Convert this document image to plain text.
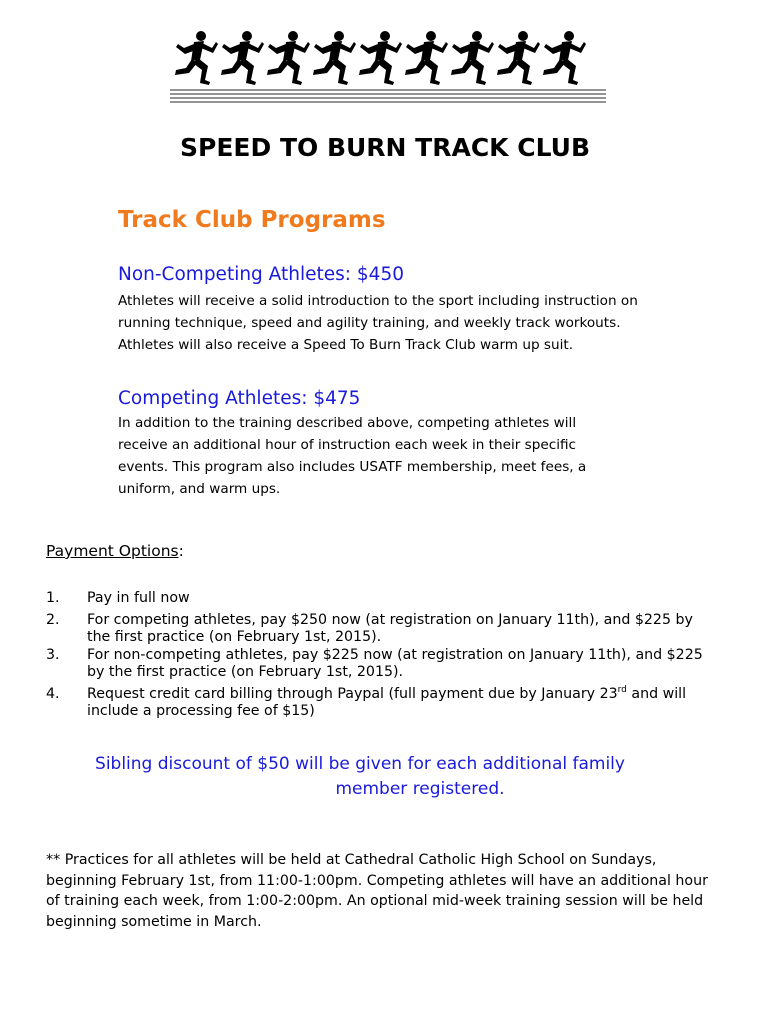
SPEED TO BURN TRACK CLUB
Track Club Programs
Non-Competing Athletes: $450
Athletes will receive a solid introduction to the sport including instruction on
running technique, speed and agility training, and weekly track workouts.
Athletes will also receive a Speed To Burn Track Club warm up suit.
Competing Athletes: $475
In addition to the training described above, competing athletes will
receive an additional hour of instruction each week in their specific
events. This program also includes USATF membership, meet fees, a
uniform, and warm ups.

Payment Options:

1. Pay in full now
2. For competing athletes, pay $250 now (at registration on January 11th), and $225 by the first practice (on February 1st, 2015).
3. For non-competing athletes, pay $225 now (at registration on January 11th), and $225 by the first practice (on February 1st, 2015).
4. Request credit card billing through Paypal (full payment due by January 23rd and will include a processing fee of $15)
Sibling discount of $50 will be given for each additional family
member registered.

** Practices for all athletes will be held at Cathedral Catholic High School on Sundays, beginning February 1st, from 11:00-1:00pm. Competing athletes will have an additional hour of training each week, from 1:00-2:00pm. An optional mid-week training session will be held beginning sometime in March.
